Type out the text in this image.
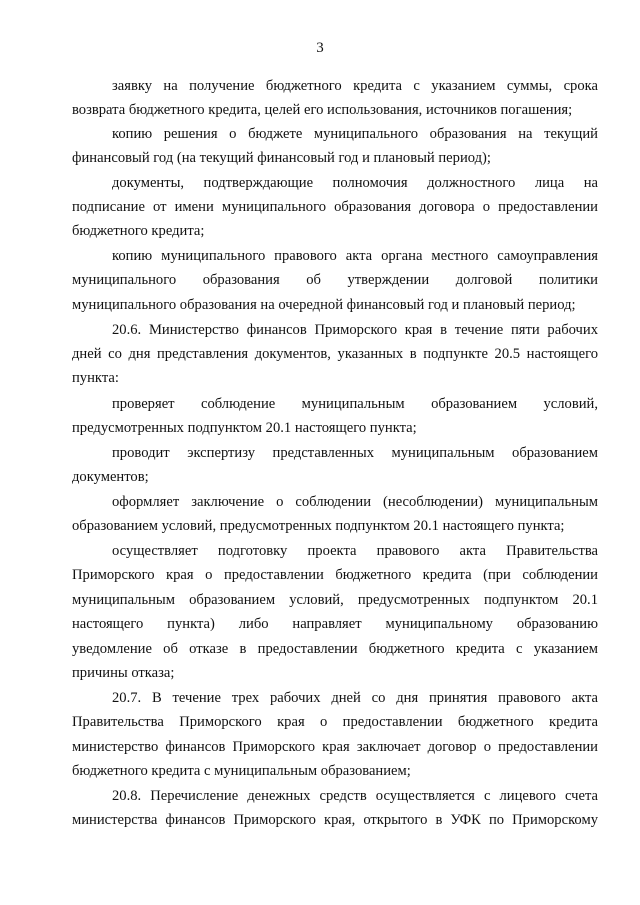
3
заявку на получение бюджетного кредита с указанием суммы, срока
возврата бюджетного кредита, целей его использования, источников погашения;
копию решения о бюджете муниципального образования на текущий
финансовый год (на текущий финансовый год и плановый период);
документы, подтверждающие полномочия должностного лица на
подписание от имени муниципального образования договора о предоставлении
бюджетного кредита;
копию муниципального правового акта органа местного самоуправления
муниципального образования об утверждении долговой политики
муниципального образования на очередной финансовый год и плановый период;
20.6. Министерство финансов Приморского края в течение пяти рабочих
дней со дня представления документов, указанных в подпункте 20.5 настоящего
пункта:
проверяет соблюдение муниципальным образованием условий,
предусмотренных подпунктом 20.1 настоящего пункта;
проводит экспертизу представленных муниципальным образованием
документов;
оформляет заключение о соблюдении (несоблюдении) муниципальным
образованием условий, предусмотренных подпунктом 20.1 настоящего пункта;
осуществляет подготовку проекта правового акта Правительства
Приморского края о предоставлении бюджетного кредита (при соблюдении
муниципальным образованием условий, предусмотренных подпунктом 20.1
настоящего пункта) либо направляет муниципальному образованию
уведомление об отказе в предоставлении бюджетного кредита с указанием
причины отказа;
20.7. В течение трех рабочих дней со дня принятия правового акта
Правительства Приморского края о предоставлении бюджетного кредита
министерство финансов Приморского края заключает договор о предоставлении
бюджетного кредита с муниципальным образованием;
20.8. Перечисление денежных средств осуществляется с лицевого счета
министерства финансов Приморского края, открытого в УФК по Приморскому
